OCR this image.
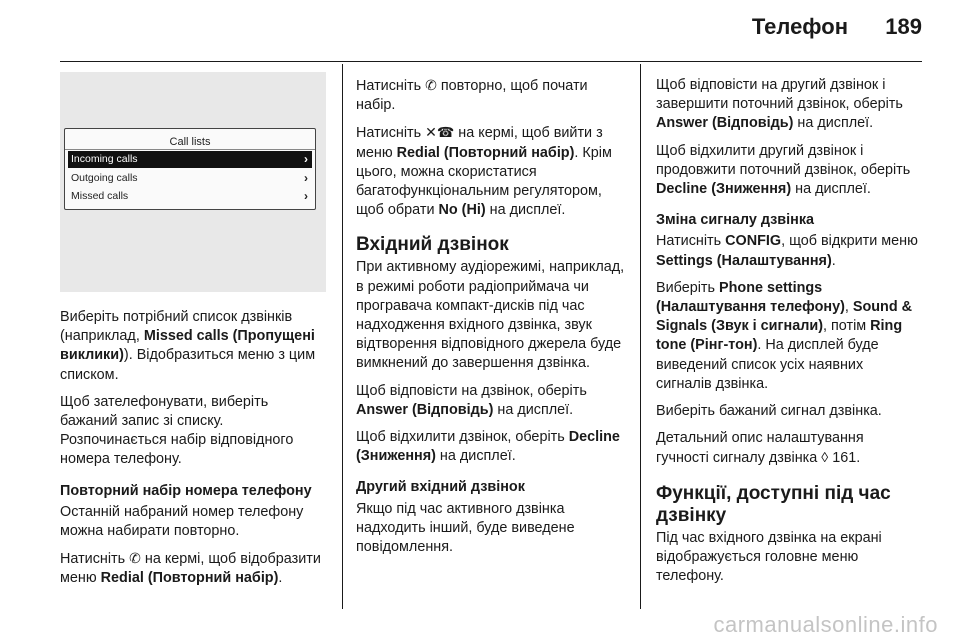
Телефон 189
Call lists
Incoming calls	›
Outgoing calls	›
Missed calls	›

Виберіть потрібний список дзвінків (наприклад, Missed calls (Пропущені виклики)). Відобразиться меню з цим списком.

Щоб зателефонувати, виберіть бажаний запис зі списку. Розпочинається набір відповідного номера телефону.

Повторний набір номера телефону

Останній набраний номер телефону можна набирати повторно.

Натисніть ✆ на кермі, щоб відобразити меню Redial (Повторний набір).

Натисніть ✆ повторно, щоб почати набір.

Натисніть ✕☎ на кермі, щоб вийти з меню Redial (Повторний набір). Крім цього, можна скористатися багатофункціональним регулятором, щоб обрати No (Ні) на дисплеї.

Вхідний дзвінок

При активному аудіорежимі, наприклад, в режимі роботи радіоприймача чи програвача компакт-дисків під час надходження вхідного дзвінка, звук відтворення відповідного джерела буде вимкнений до завершення дзвінка.

Щоб відповісти на дзвінок, оберіть Answer (Відповідь) на дисплеї.

Щоб відхилити дзвінок, оберіть Decline (Зниження) на дисплеї.

Другий вхідний дзвінок

Якщо під час активного дзвінка надходить інший, буде виведене повідомлення.

Щоб відповісти на другий дзвінок і завершити поточний дзвінок, оберіть Answer (Відповідь) на дисплеї.

Щоб відхилити другий дзвінок і продовжити поточний дзвінок, оберіть Decline (Зниження) на дисплеї.

Зміна сигналу дзвінка

Натисніть CONFIG, щоб відкрити меню Settings (Налаштування).

Виберіть Phone settings (Налаштування телефону), Sound & Signals (Звук і сигнали), потім Ring tone (Рінг-тон). На дисплей буде виведений список усіх наявних сигналів дзвінка.

Виберіть бажаний сигнал дзвінка.

Детальний опис налаштування гучності сигналу дзвінка ◊ 161.

Функції, доступні під час дзвінку

Під час вхідного дзвінка на екрані відображується головне меню телефону.

carmanualsonline.info
